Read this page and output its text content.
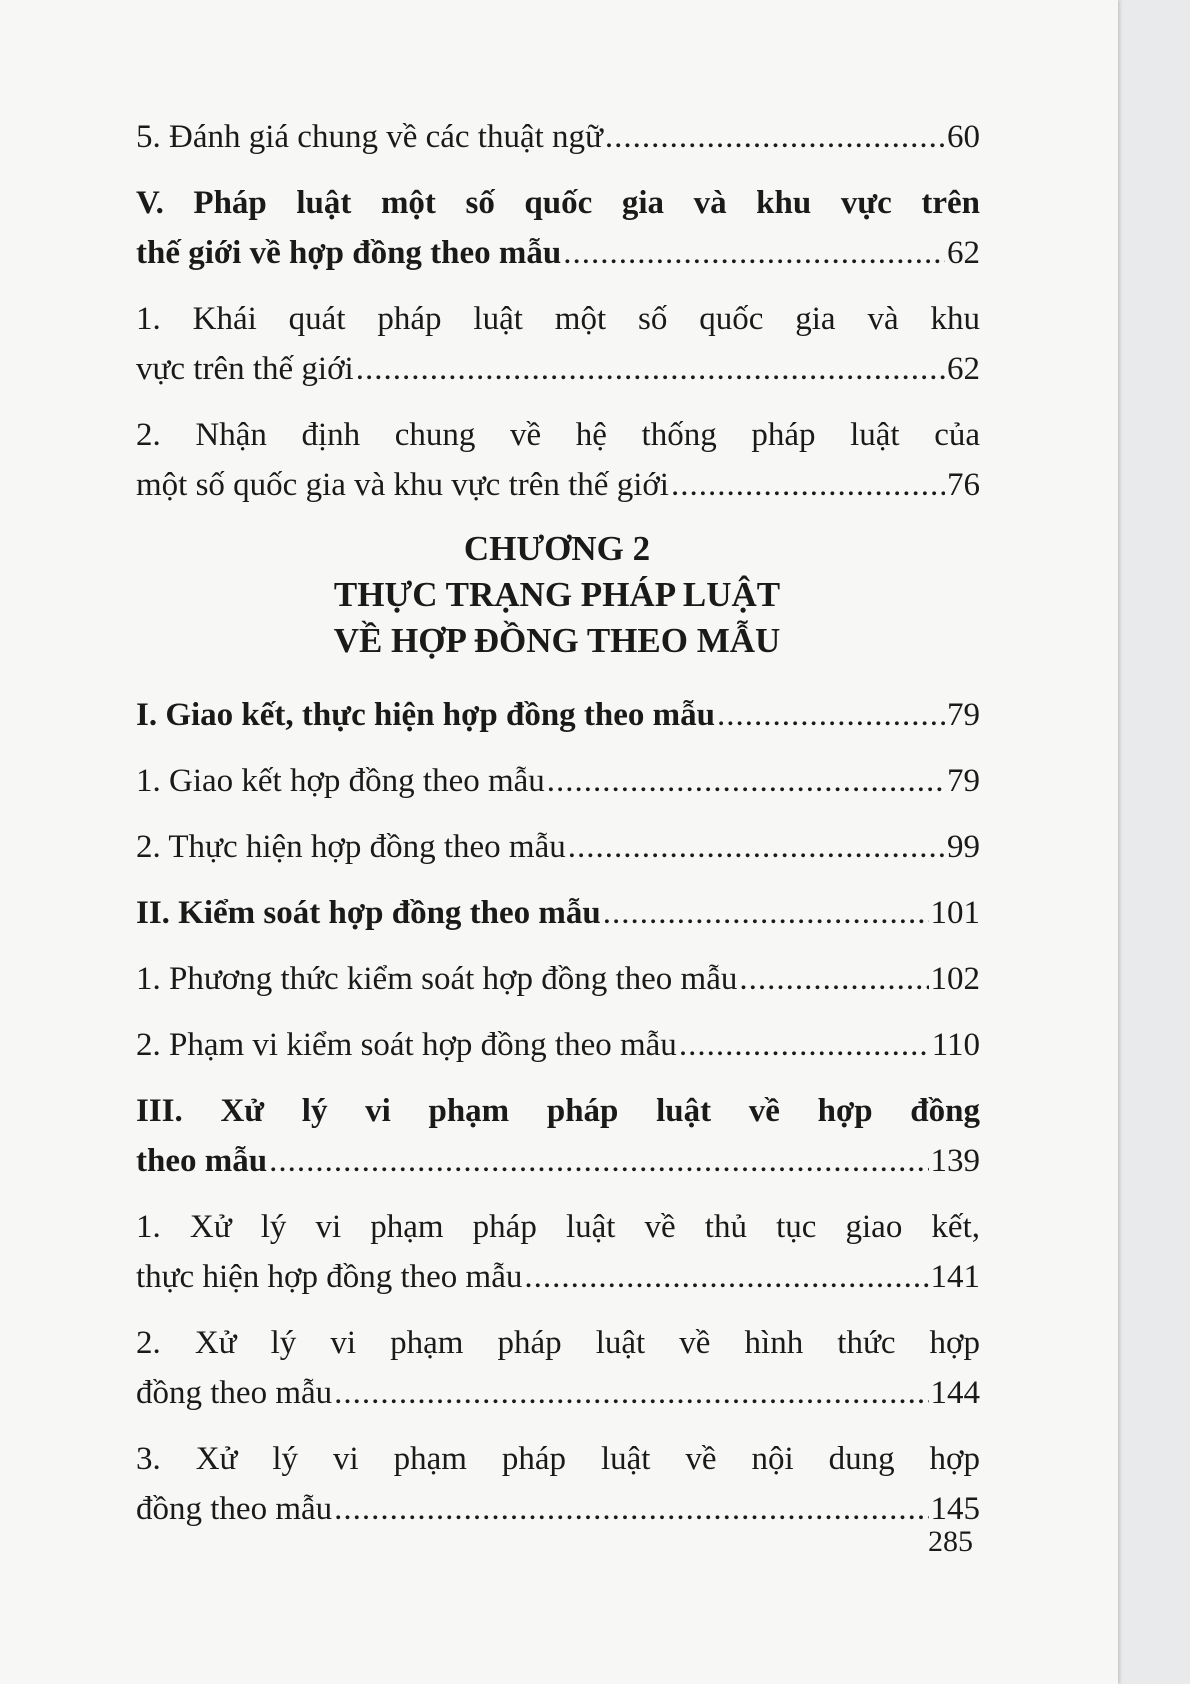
5. Đánh giá chung về các thuật ngữ .....	60
V. Pháp luật một số quốc gia và khu vực trên
thế giới về hợp đồng theo mẫu .....	62
1. Khái quát pháp luật một số quốc gia và khu
vực trên thế giới .....	62
2. Nhận định chung về hệ thống pháp luật của
một số quốc gia và khu vực trên thế giới .....	76
CHƯƠNG 2
THỰC TRẠNG PHÁP LUẬT
VỀ HỢP ĐỒNG THEO MẪU
I. Giao kết, thực hiện hợp đồng theo mẫu .....	79
1. Giao kết hợp đồng theo mẫu .....	79
2. Thực hiện hợp đồng theo mẫu .....	99
II. Kiểm soát hợp đồng theo mẫu .....	101
1. Phương thức kiểm soát hợp đồng theo mẫu .....	102
2. Phạm vi kiểm soát hợp đồng theo mẫu .....	110
III. Xử lý vi phạm pháp luật về hợp đồng
theo mẫu .....	139
1. Xử lý vi phạm pháp luật về thủ tục giao kết,
thực hiện hợp đồng theo mẫu .....	141
2. Xử lý vi phạm pháp luật về hình thức hợp
đồng theo mẫu .....	144
3. Xử lý vi phạm pháp luật về nội dung hợp
đồng theo mẫu .....	145
285
